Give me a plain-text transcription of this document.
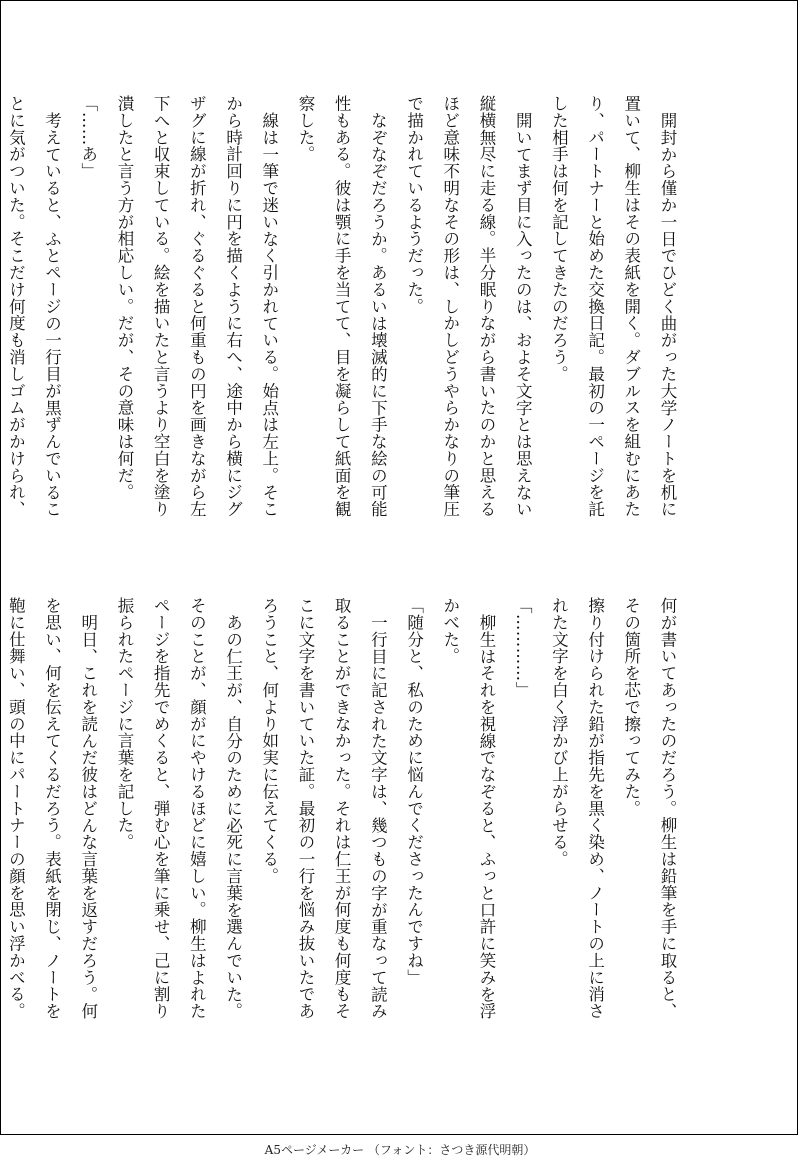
開封から僅か一日でひどく曲がった大学ノートを机に置いて、柳生はその表紙を開く。ダブルスを組むにあたり、パートナーと始めた交換日記。最初の一ページを託した相手は何を記してきたのだろう。
開いてまず目に入ったのは、およそ文字とは思えない縦横無尽に走る線。半分眠りながら書いたのかと思えるほど意味不明なその形は、しかしどうやらかなりの筆圧で描かれているようだった。
なぞなぞだろうか。あるいは壊滅的に下手な絵の可能性もある。彼は顎に手を当てて、目を凝らして紙面を観察した。
線は一筆で迷いなく引かれている。始点は左上。そこから時計回りに円を描くように右へ、途中から横にジグザグに線が折れ、ぐるぐると何重もの円を画きながら左下へと収束している。絵を描いたと言うより空白を塗り潰したと言う方が相応しい。だが、その意味は何だ。
「……あ」
考えていると、ふとページの一行目が黒ずんでいることに気がついた。そこだけ何度も消しゴムがかけられ、
何が書いてあったのだろう。柳生は鉛筆を手に取ると、その箇所を芯で擦ってみた。
擦り付けられた鉛が指先を黒く染め、ノートの上に消された文字を白く浮かび上がらせる。
「…………」
柳生はそれを視線でなぞると、ふっと口許に笑みを浮かべた。
「随分と、私のために悩んでくださったんですね」
一行目に記された文字は、幾つもの字が重なって読み取ることができなかった。それは仁王が何度も何度もそこに文字を書いていた証。最初の一行を悩み抜いたであろうこと、何より如実に伝えてくる。
あの仁王が、自分のために必死に言葉を選んでいた。そのことが、顔がにやけるほどに嬉しい。柳生はよれたページを指先でめくると、弾む心を筆に乗せ、己に割り振られたページに言葉を記した。
明日、これを読んだ彼はどんな言葉を返すだろう。何を思い、何を伝えてくるだろう。表紙を閉じ、ノートを鞄に仕舞い、頭の中にパートナーの顔を思い浮かべる。
A5ページメーカー （フォント：さつき源代明朝）
